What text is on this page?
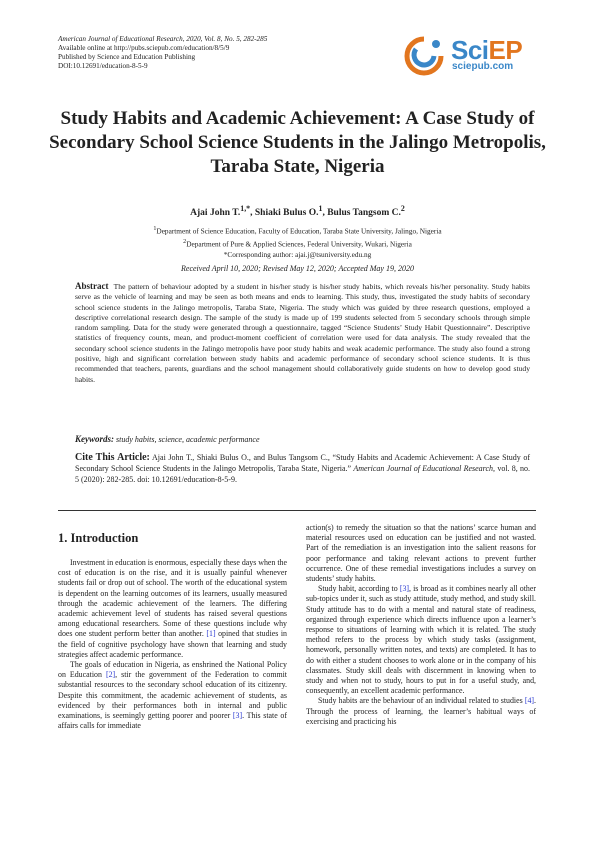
American Journal of Educational Research, 2020, Vol. 8, No. 5, 282-285
Available online at http://pubs.sciepub.com/education/8/5/9
Published by Science and Education Publishing
DOI:10.12691/education-8-5-9
SciEP
sciepub.com
Study Habits and Academic Achievement: A Case Study of Secondary School Science Students in the Jalingo Metropolis, Taraba State, Nigeria
Ajai John T.$^{1,*}$, Shiaki Bulus O.$^1$, Bulus Tangsom C.$^2$
$^1$Department of Science Education, Faculty of Education, Taraba State University, Jalingo, Nigeria
$^2$Department of Pure & Applied Sciences, Federal University, Wukari, Nigeria
*Corresponding author: ajai.j@tsuniversity.edu.ng
Received April 10, 2020; Revised May 12, 2020; Accepted May 19, 2020
Abstract The pattern of behaviour adopted by a student in his/her study is his/her study habits, which reveals his/her personality. Study habits serve as the vehicle of learning and may be seen as both means and ends to learning. This study, thus, investigated the study habits of secondary school science students in the Jalingo metropolis, Taraba State, Nigeria. The study which was guided by three research questions, employed a descriptive correlational research design. The sample of the study is made up of 199 students selected from 5 secondary schools through simple random sampling. Data for the study were generated through a questionnaire, tagged “Science Students’ Study Habit Questionnaire”. Descriptive statistics of frequency counts, mean, and product-moment coefficient of correlation were used for data analysis. The study revealed that the secondary school science students in the Jalingo metropolis have poor study habits and weak academic performance. The study also found a strong positive, high and significant correlation between study habits and academic performance of secondary school science students. It is thus recommended that teachers, parents, guardians and the school management should collaboratively guide students on how to develop good study habits.
Keywords: study habits, science, academic performance
Cite This Article: Ajai John T., Shiaki Bulus O., and Bulus Tangsom C., “Study Habits and Academic Achievement: A Case Study of Secondary School Science Students in the Jalingo Metropolis, Taraba State, Nigeria.” American Journal of Educational Research, vol. 8, no. 5 (2020): 282-285. doi: 10.12691/education-8-5-9.
1. Introduction

Investment in education is enormous, especially these days when the cost of education is on the rise, and it is usually painful whenever students fail or drop out of school. The worth of the educational system is dependent on the learning outcomes of its learners, usually measured through the academic achievement of the learners. The differing academic achievement level of students has raised several questions among educational researchers. Some of these questions include why does one student perform better than another. [1] opined that studies in the field of cognitive psychology have shown that learning and study strategies affect academic performance.

The goals of education in Nigeria, as enshrined the National Policy on Education [2], stir the government of the Federation to commit substantial resources to the secondary school education of its citizenry. Despite this commitment, the academic achievement of students, as evidenced by their performances both in internal and public examinations, is seemingly getting poorer and poorer [3]. This state of affairs calls for immediate

action(s) to remedy the situation so that the nations’ scarce human and material resources used on education can be justified and not wasted. Part of the remediation is an investigation into the salient reasons for poor performance and taking relevant actions to prevent further occurrence. One of these remedial investigations includes a survey on students’ study habits.

Study habit, according to [3], is broad as it combines nearly all other sub-topics under it, such as study attitude, study method, and study skill. Study attitude has to do with a mental and natural state of readiness, organized through experience which directs influence upon a learner’s response to situations of learning with which it is related. The study method refers to the process by which study tasks (assignment, homework, personally written notes, and texts) are completed. It has to do with either a student chooses to work alone or in the company of his classmates. Study skill deals with discernment in knowing when to study and when not to study, hours to put in for a useful study, and, consequently, an excellent academic performance.

Study habits are the behaviour of an individual related to studies [4]. Through the process of learning, the learner’s habitual ways of exercising and practicing his
